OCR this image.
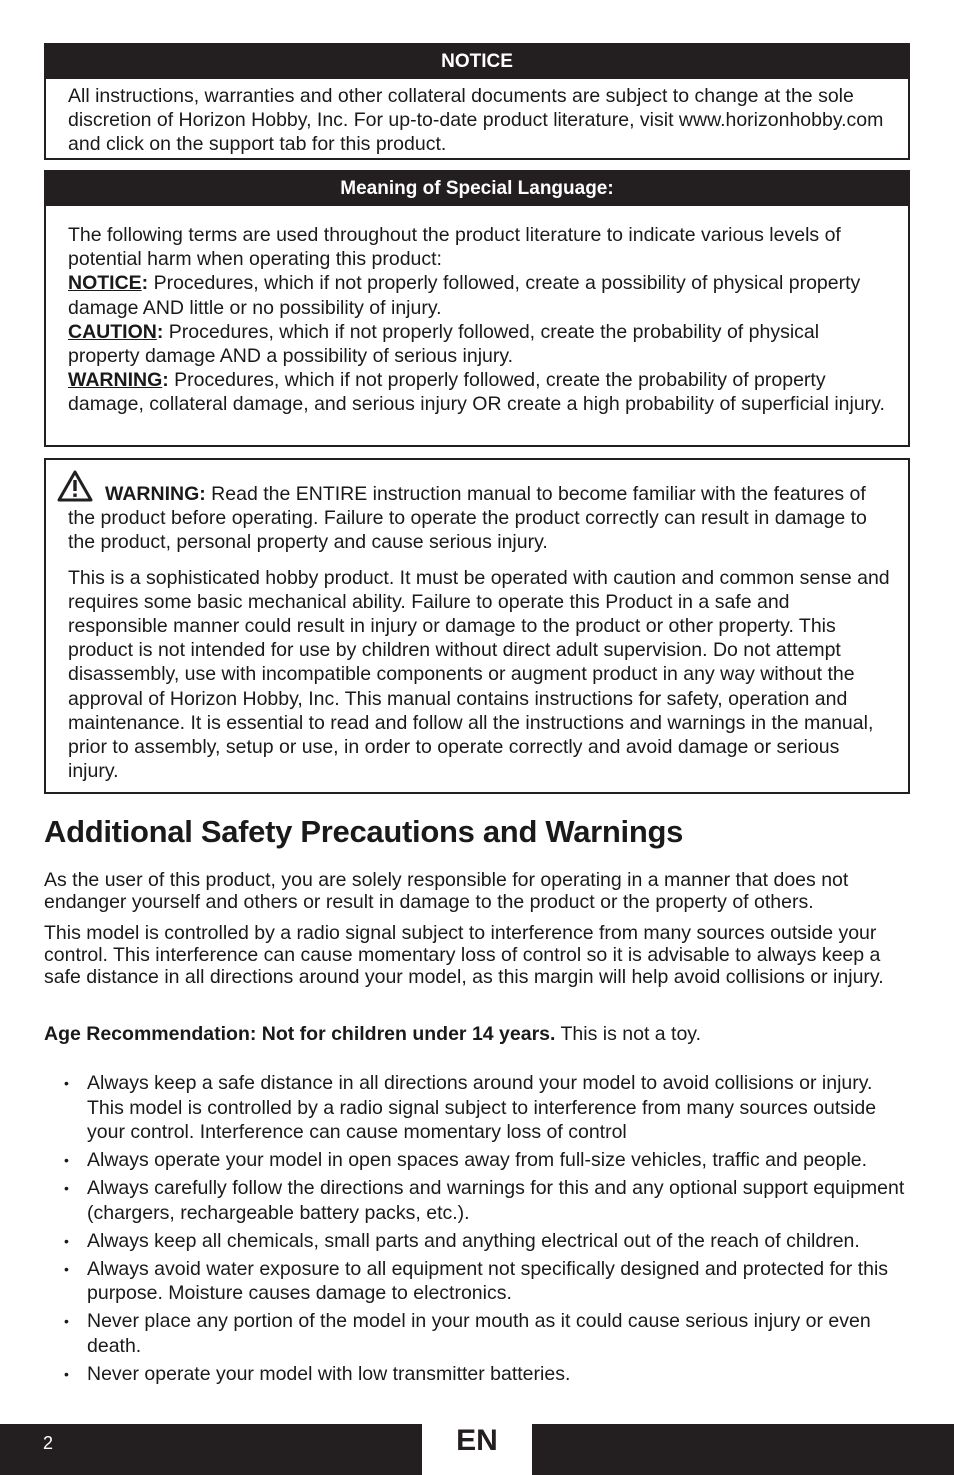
NOTICE
All instructions, warranties and other collateral documents are subject to change at the sole discretion of Horizon Hobby, Inc. For up-to-date product literature, visit www.horizonhobby.com and click on the support tab for this product.
Meaning of Special Language:
The following terms are used throughout the product literature to indicate various levels of potential harm when operating this product:
NOTICE: Procedures, which if not properly followed, create a possibility of physical property damage AND little or no possibility of injury.
CAUTION: Procedures, which if not properly followed, create the probability of physical property damage AND a possibility of serious injury.
WARNING: Procedures, which if not properly followed, create the probability of property damage, collateral damage, and serious injury OR create a high probability of superficial injury.

WARNING: Read the ENTIRE instruction manual to become familiar with the features of the product before operating. Failure to operate the product correctly can result in damage to the product, personal property and cause serious injury.

This is a sophisticated hobby product. It must be operated with caution and common sense and requires some basic mechanical ability. Failure to operate this Product in a safe and responsible manner could result in injury or damage to the product or other property. This product is not intended for use by children without direct adult supervision. Do not attempt disassembly, use with incompatible components or augment product in any way without the approval of Horizon Hobby, Inc. This manual contains instructions for safety, operation and maintenance. It is essential to read and follow all the instructions and warnings in the manual, prior to assembly, setup or use, in order to operate correctly and avoid damage or serious injury.

Additional Safety Precautions and Warnings

As the user of this product, you are solely responsible for operating in a manner that does not endanger yourself and others or result in damage to the product or the property of others.

This model is controlled by a radio signal subject to interference from many sources outside your control. This interference can cause momentary loss of control so it is advisable to always keep a safe distance in all directions around your model, as this margin will help avoid collisions or injury.

Age Recommendation: Not for children under 14 years. This is not a toy.

• Always keep a safe distance in all directions around your model to avoid collisions or injury. This model is controlled by a radio signal subject to interference from many sources outside your control. Interference can cause momentary loss of control
• Always operate your model in open spaces away from full-size vehicles, traffic and people.
• Always carefully follow the directions and warnings for this and any optional support equipment (chargers, rechargeable battery packs, etc.).
• Always keep all chemicals, small parts and anything electrical out of the reach of children.
• Always avoid water exposure to all equipment not specifically designed and protected for this purpose. Moisture causes damage to electronics.
• Never place any portion of the model in your mouth as it could cause serious injury or even death.
• Never operate your model with low transmitter batteries.
2	EN
